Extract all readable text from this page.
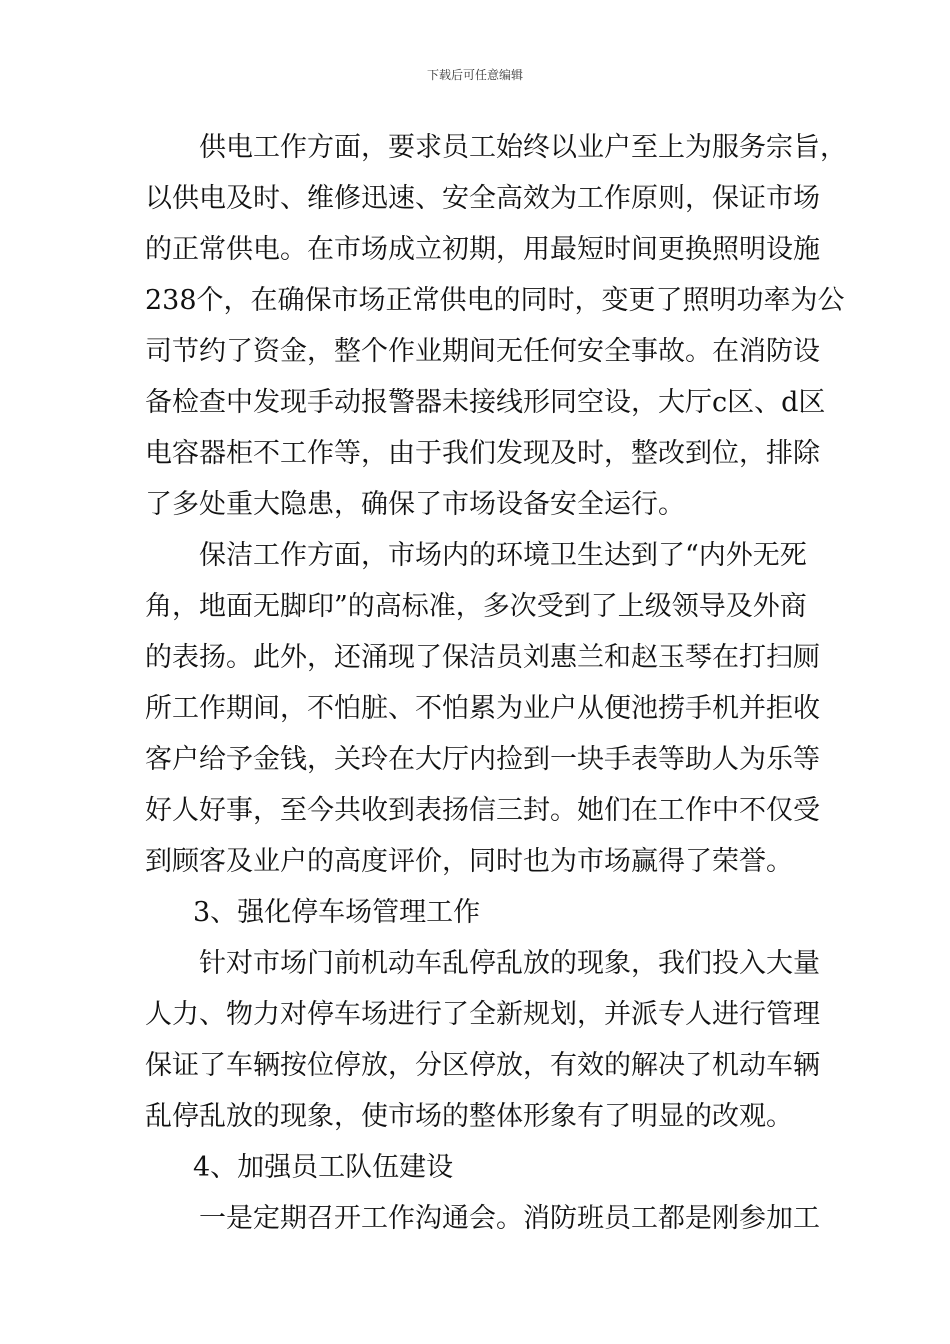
下载后可任意编辑
供电工作方面，要求员工始终以业户至上为服务宗旨，
以供电及时、维修迅速、安全高效为工作原则，保证市场
的正常供电。在市场成立初期，用最短时间更换照明设施
238个，在确保市场正常供电的同时，变更了照明功率为公
司节约了资金，整个作业期间无任何安全事故。在消防设
备检查中发现手动报警器未接线形同空设，大厅c区、d区
电容器柜不工作等，由于我们发现及时，整改到位，排除
了多处重大隐患，确保了市场设备安全运行。
保洁工作方面，市场内的环境卫生达到了“内外无死
角，地面无脚印”的高标准，多次受到了上级领导及外商
的表扬。此外，还涌现了保洁员刘惠兰和赵玉琴在打扫厕
所工作期间，不怕脏、不怕累为业户从便池捞手机并拒收
客户给予金钱，关玲在大厅内捡到一块手表等助人为乐等
好人好事，至今共收到表扬信三封。她们在工作中不仅受
到顾客及业户的高度评价，同时也为市场赢得了荣誉。
3、强化停车场管理工作
针对市场门前机动车乱停乱放的现象，我们投入大量
人力、物力对停车场进行了全新规划，并派专人进行管理
保证了车辆按位停放，分区停放，有效的解决了机动车辆
乱停乱放的现象，使市场的整体形象有了明显的改观。
4、加强员工队伍建设
一是定期召开工作沟通会。消防班员工都是刚参加工
